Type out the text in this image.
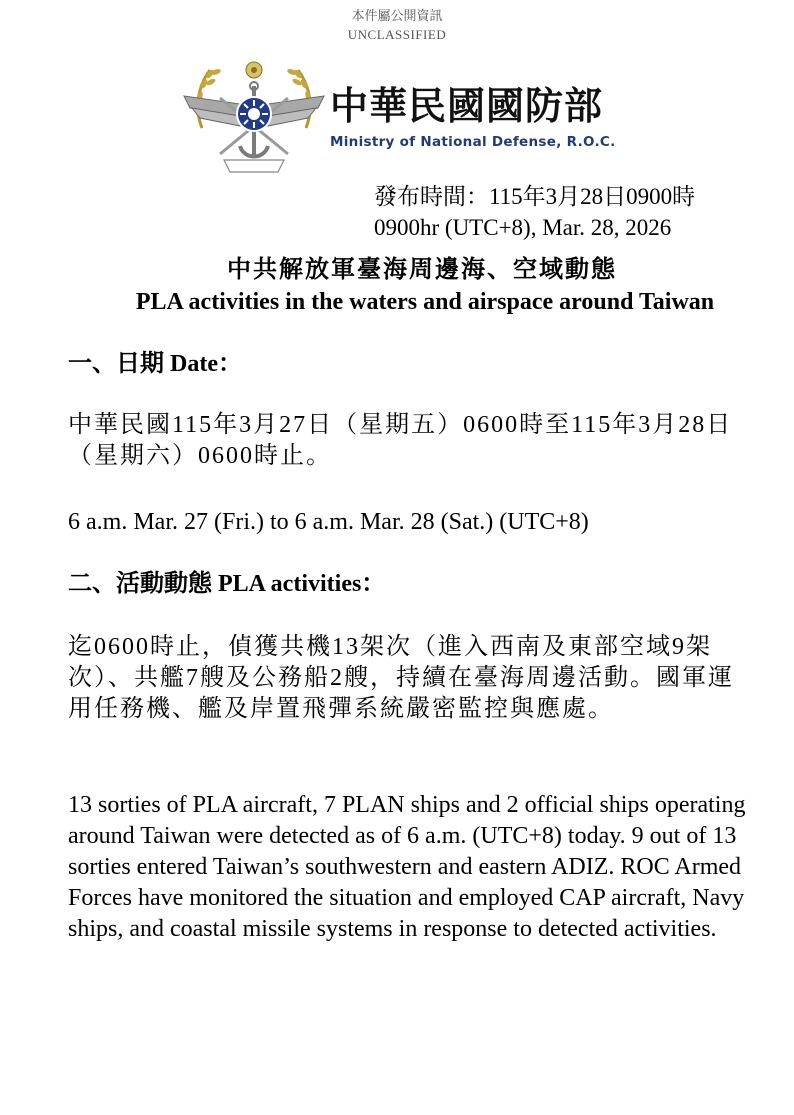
本件屬公開資訊
UNCLASSIFIED
中華民國國防部
Ministry of National Defense, R.O.C.
發布時間：115年3月28日0900時
0900hr (UTC+8), Mar. 28, 2026
中共解放軍臺海周邊海、空域動態
PLA activities in the waters and airspace around Taiwan
一、日期 Date：
中華民國115年3月27日（星期五）0600時至115年3月28日（星期六）0600時止。
6 a.m. Mar. 27 (Fri.) to 6 a.m. Mar. 28 (Sat.) (UTC+8)
二、活動動態 PLA activities：
迄0600時止，偵獲共機13架次（進入西南及東部空域9架次）、共艦7艘及公務船2艘，持續在臺海周邊活動。國軍運用任務機、艦及岸置飛彈系統嚴密監控與應處。
13 sorties of PLA aircraft, 7 PLAN ships and 2 official ships operating around Taiwan were detected as of 6 a.m. (UTC+8) today. 9 out of 13 sorties entered Taiwan’s southwestern and eastern ADIZ. ROC Armed Forces have monitored the situation and employed CAP aircraft, Navy ships, and coastal missile systems in response to detected activities.
